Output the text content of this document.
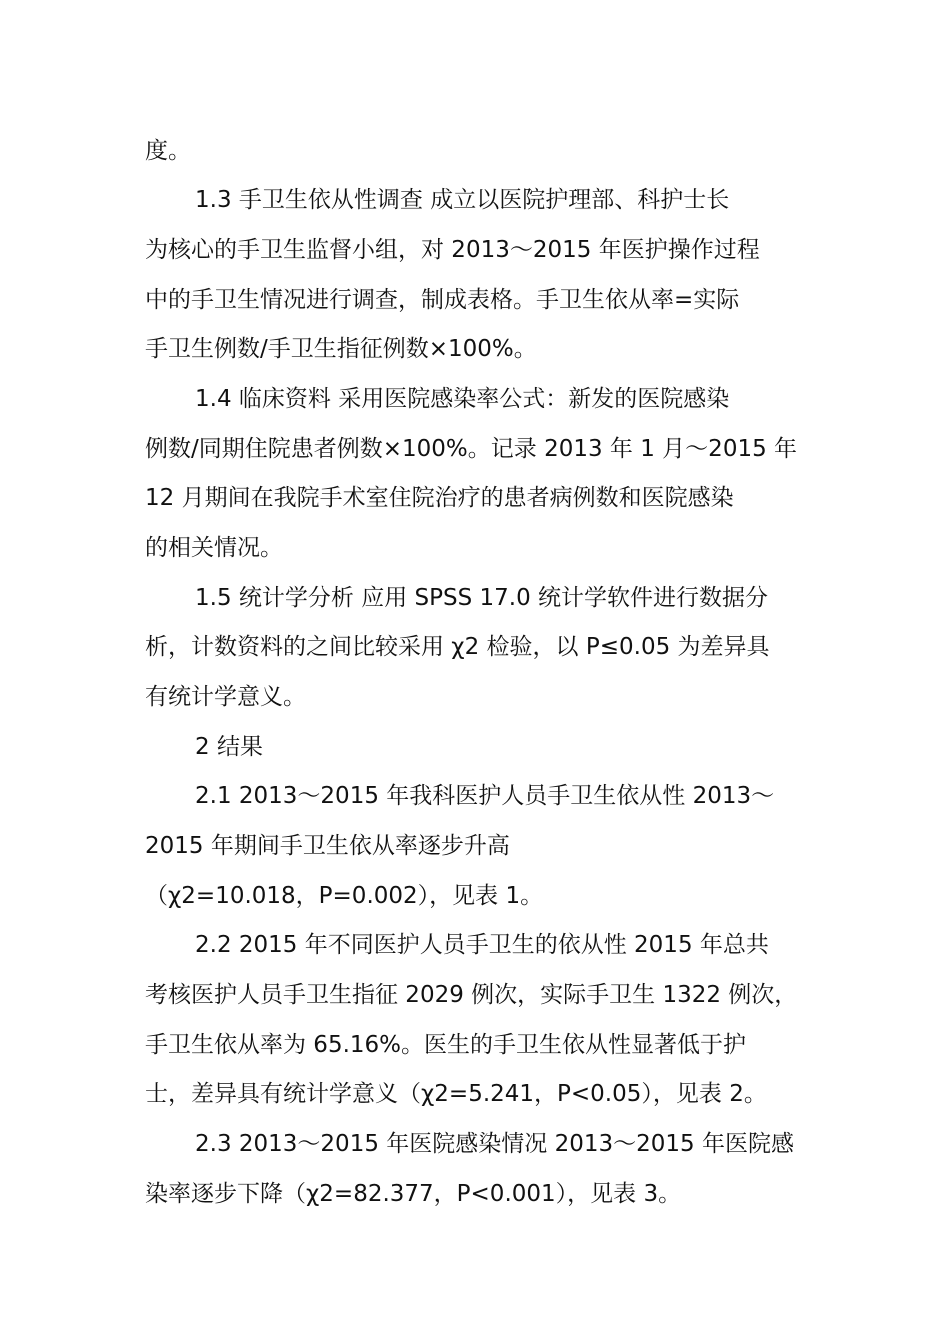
度。
1.3 手卫生依从性调查 成立以医院护理部、科护士长
为核心的手卫生监督小组，对 2013～2015 年医护操作过程
中的手卫生情况进行调查，制成表格。手卫生依从率=实际
手卫生例数/手卫生指征例数×100%。
1.4 临床资料 采用医院感染率公式：新发的医院感染
例数/同期住院患者例数×100%。记录 2013 年 1 月～2015 年
12 月期间在我院手术室住院治疗的患者病例数和医院感染
的相关情况。
1.5 统计学分析 应用 SPSS 17.0 统计学软件进行数据分
析，计数资料的之间比较采用 χ2 检验，以 P≤0.05 为差异具
有统计学意义。
2 结果
2.1 2013～2015 年我科医护人员手卫生依从性 2013～
2015 年期间手卫生依从率逐步升高
（χ2=10.018，P=0.002），见表 1。
2.2 2015 年不同医护人员手卫生的依从性 2015 年总共
考核医护人员手卫生指征 2029 例次，实际手卫生 1322 例次，
手卫生依从率为 65.16%。医生的手卫生依从性显著低于护
士，差异具有统计学意义（χ2=5.241，P<0.05），见表 2。
2.3 2013～2015 年医院感染情况 2013～2015 年医院感
染率逐步下降（χ2=82.377，P<0.001），见表 3。
